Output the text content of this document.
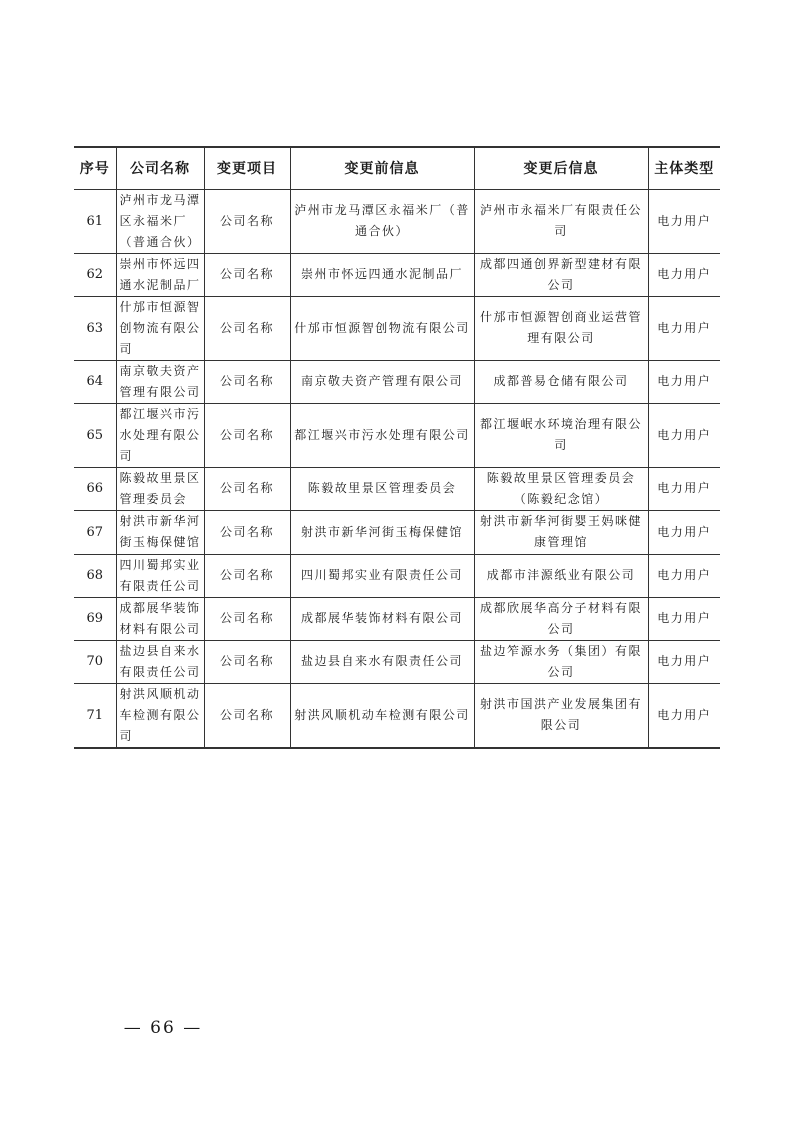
序号	公司名称	变更项目	变更前信息	变更后信息	主体类型
61	泸州市龙马潭区永福米厂（普通合伙）	公司名称	泸州市龙马潭区永福米厂（普通合伙）	泸州市永福米厂有限责任公司	电力用户
62	崇州市怀远四通水泥制品厂	公司名称	崇州市怀远四通水泥制品厂	成都四通创界新型建材有限公司	电力用户
63	什邡市恒源智创物流有限公司	公司名称	什邡市恒源智创物流有限公司	什邡市恒源智创商业运营管理有限公司	电力用户
64	南京敬夫资产管理有限公司	公司名称	南京敬夫资产管理有限公司	成都普易仓储有限公司	电力用户
65	都江堰兴市污水处理有限公司	公司名称	都江堰兴市污水处理有限公司	都江堰岷水环境治理有限公司	电力用户
66	陈毅故里景区管理委员会	公司名称	陈毅故里景区管理委员会	陈毅故里景区管理委员会（陈毅纪念馆）	电力用户
67	射洪市新华河街玉梅保健馆	公司名称	射洪市新华河街玉梅保健馆	射洪市新华河街婴王妈咪健康管理馆	电力用户
68	四川蜀邦实业有限责任公司	公司名称	四川蜀邦实业有限责任公司	成都市沣源纸业有限公司	电力用户
69	成都展华装饰材料有限公司	公司名称	成都展华装饰材料有限公司	成都欣展华高分子材料有限公司	电力用户
70	盐边县自来水有限责任公司	公司名称	盐边县自来水有限责任公司	盐边笮源水务（集团）有限公司	电力用户
71	射洪风顺机动车检测有限公司	公司名称	射洪风顺机动车检测有限公司	射洪市国洪产业发展集团有限公司	电力用户
— 66 —
